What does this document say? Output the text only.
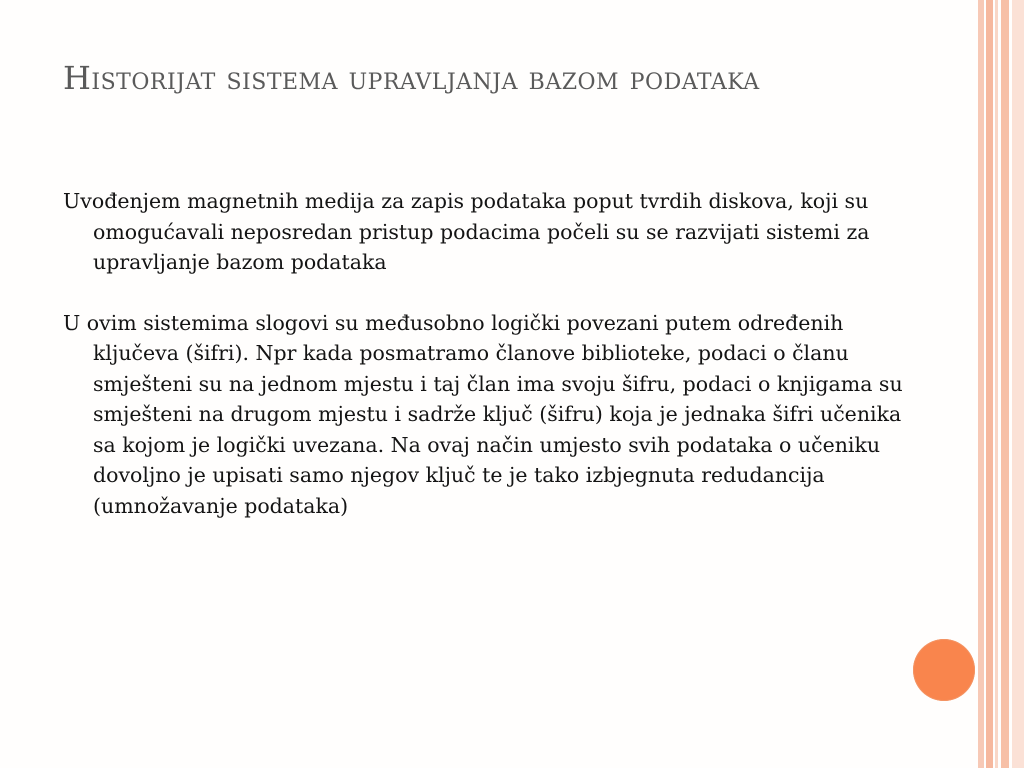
Historijat sistema upravljanja bazom podataka

Uvođenjem magnetnih medija za zapis podataka poput tvrdih diskova, koji su omogućavali neposredan pristup podacima počeli su se razvijati sistemi za upravljanje bazom podataka

U ovim sistemima slogovi su međusobno logički povezani putem određenih ključeva (šifri). Npr kada posmatramo članove biblioteke, podaci o članu smješteni su na jednom mjestu i taj član ima svoju šifru, podaci o knjigama su smješteni na drugom mjestu i sadrže ključ (šifru) koja je jednaka šifri učenika sa kojom je logički uvezana. Na ovaj način umjesto svih podataka o učeniku dovoljno je upisati samo njegov ključ te je tako izbjegnuta redudancija (umnožavanje podataka)
